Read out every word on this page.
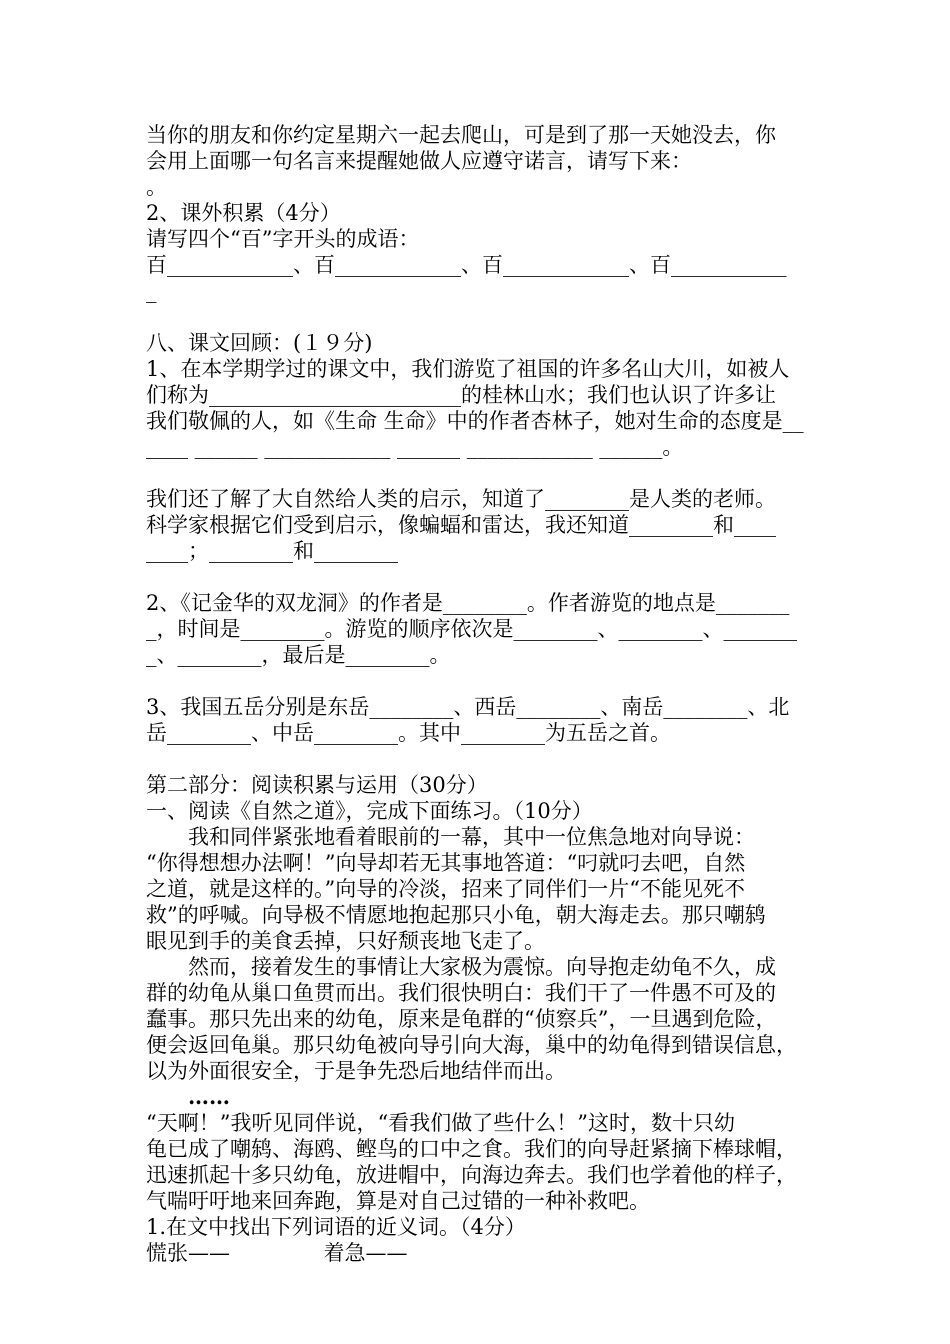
当你的朋友和你约定星期六一起去爬山，可是到了那一天她没去，你
会用上面哪一句名言来提醒她做人应遵守诺言，请写下来：
。
2、课外积累（4分）
请写四个“百”字开头的成语：
百____________、百____________、百____________、百___________
_
八、课文回顾：(１９分)
1、在本学期学过的课文中，我们游览了祖国的许多名山大川，如被人
们称为________________________的桂林山水；我们也认识了许多让
我们敬佩的人，如《生命 生命》中的作者杏林子，她对生命的态度是__
____ ______ ____________ ______ ____________ ______。
我们还了解了大自然给人类的启示，知道了________是人类的老师。
科学家根据它们受到启示，像蝙蝠和雷达，我还知道________和____
____；________和________
2、《记金华的双龙洞》的作者是________。作者游览的地点是_______
_，时间是________。游览的顺序依次是________、________、_______
_、________，最后是________。
3、我国五岳分别是东岳________、西岳________、南岳________、北
岳________、中岳________。其中________为五岳之首。
第二部分：阅读积累与运用（30分）
一、阅读《自然之道》，完成下面练习。（10分）
我和同伴紧张地看着眼前的一幕，其中一位焦急地对向导说：
“你得想想办法啊！”向导却若无其事地答道：“叼就叼去吧，自然
之道，就是这样的。”向导的冷淡，招来了同伴们一片“不能见死不
救”的呼喊。向导极不情愿地抱起那只小龟，朝大海走去。那只嘲鸫
眼见到手的美食丢掉，只好颓丧地飞走了。
然而，接着发生的事情让大家极为震惊。向导抱走幼龟不久，成
群的幼龟从巢口鱼贯而出。我们很快明白：我们干了一件愚不可及的
蠢事。那只先出来的幼龟，原来是龟群的“侦察兵”，一旦遇到危险，
便会返回龟巢。那只幼龟被向导引向大海，巢中的幼龟得到错误信息，
以为外面很安全，于是争先恐后地结伴而出。
……
“天啊！”我听见同伴说，“看我们做了些什么！”这时，数十只幼
龟已成了嘲鸫、海鸥、鲣鸟的口中之食。我们的向导赶紧摘下棒球帽，
迅速抓起十多只幼龟，放进帽中，向海边奔去。我们也学着他的样子，
气喘吁吁地来回奔跑，算是对自己过错的一种补救吧。
1.在文中找出下列词语的近义词。（4分）
慌张——              着急——
